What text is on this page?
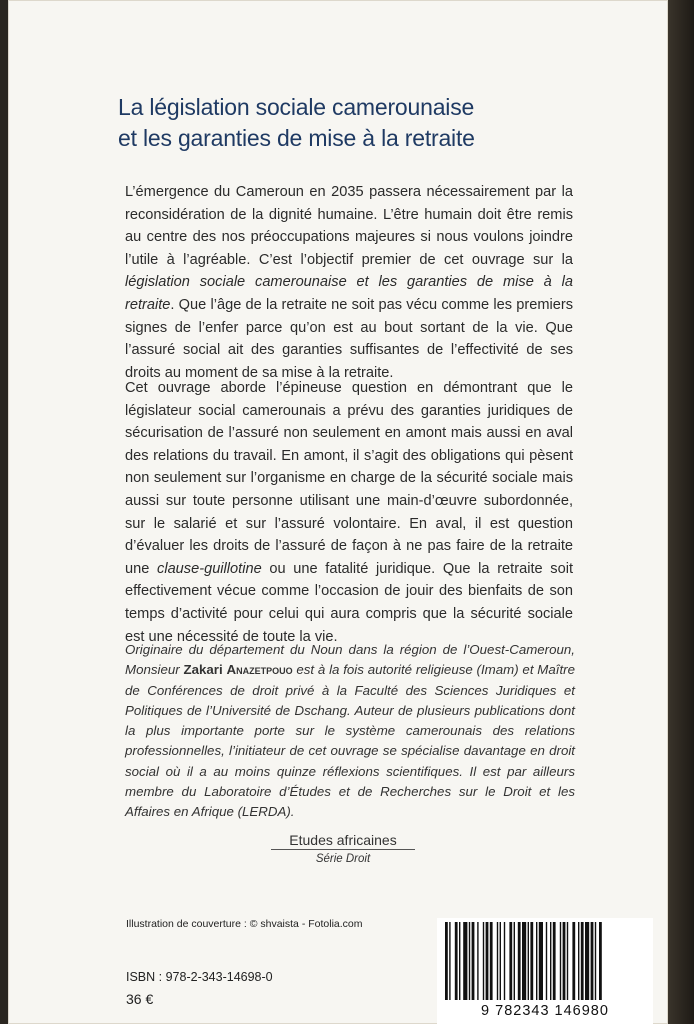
La législation sociale camerounaise
et les garanties de mise à la retraite
L’émergence du Cameroun en 2035 passera nécessairement par la reconsidération de la dignité humaine. L’être humain doit être remis au centre des nos préoccupations majeures si nous voulons joindre l’utile à l’agréable. C’est l’objectif premier de cet ouvrage sur la législation sociale camerounaise et les garanties de mise à la retraite. Que l’âge de la retraite ne soit pas vécu comme les premiers signes de l’enfer parce qu’on est au bout sortant de la vie. Que l’assuré social ait des garanties suffisantes de l’effectivité de ses droits au moment de sa mise à la retraite.
Cet ouvrage aborde l’épineuse question en démontrant que le législateur social camerounais a prévu des garanties juridiques de sécurisation de l’assuré non seulement en amont mais aussi en aval des relations du travail. En amont, il s’agit des obligations qui pèsent non seulement sur l’organisme en charge de la sécurité sociale mais aussi sur toute personne utilisant une main-d’œuvre subordonnée, sur le salarié et sur l’assuré volontaire. En aval, il est question d’évaluer les droits de l’assuré de façon à ne pas faire de la retraite une clause-guillotine ou une fatalité juridique. Que la retraite soit effectivement vécue comme l’occasion de jouir des bienfaits de son temps d’activité pour celui qui aura compris que la sécurité sociale est une nécessité de toute la vie.
Originaire du département du Noun dans la région de l’Ouest-Cameroun, Monsieur Zakari Anazetpouo est à la fois autorité religieuse (Imam) et Maître de Conférences de droit privé à la Faculté des Sciences Juridiques et Politiques de l’Université de Dschang. Auteur de plusieurs publications dont la plus importante porte sur le système camerounais des relations professionnelles, l’initiateur de cet ouvrage se spécialise davantage en droit social où il a au moins quinze réflexions scientifiques. Il est par ailleurs membre du Laboratoire d’Études et de Recherches sur le Droit et les Affaires en Afrique (LERDA).
Etudes africaines
Série Droit
Illustration de couverture : © shvaista - Fotolia.com
ISBN : 978-2-343-14698-0
36 €
9 782343 146980
